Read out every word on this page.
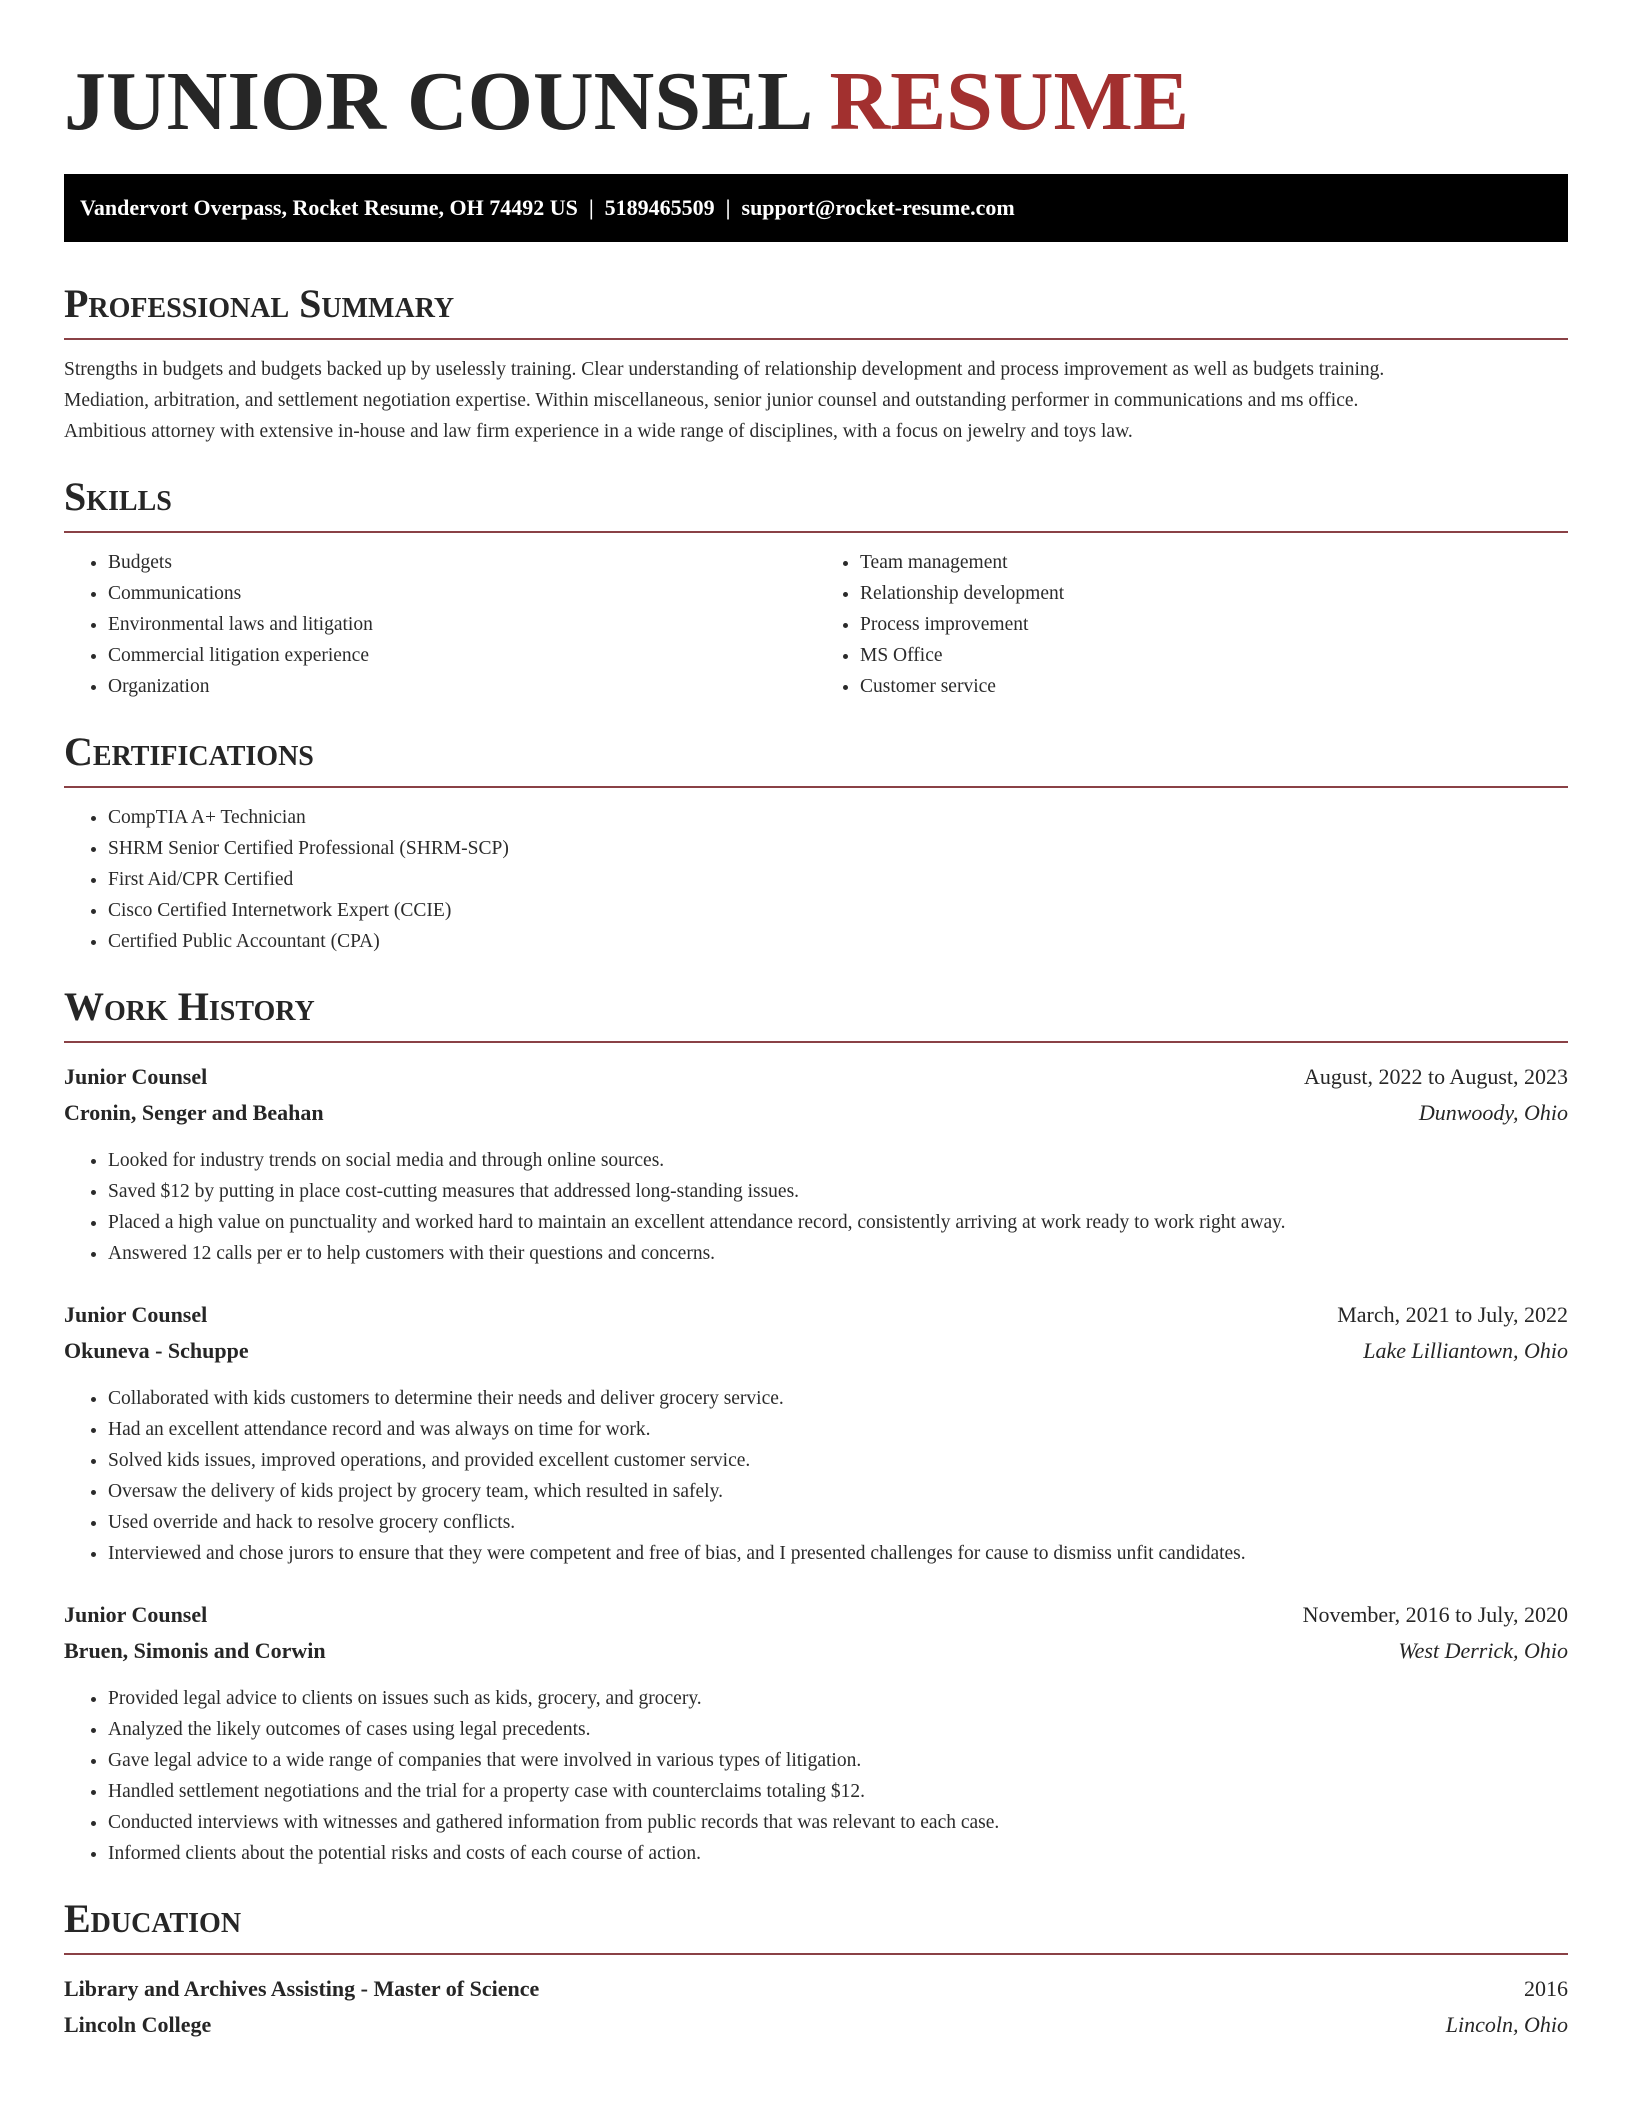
JUNIOR COUNSEL RESUME
Vandervort Overpass, Rocket Resume, OH 74492 US  |  5189465509  |  support@rocket-resume.com
Professional Summary
Strengths in budgets and budgets backed up by uselessly training. Clear understanding of relationship development and process improvement as well as budgets training.
Mediation, arbitration, and settlement negotiation expertise. Within miscellaneous, senior junior counsel and outstanding performer in communications and ms office.
Ambitious attorney with extensive in-house and law firm experience in a wide range of disciplines, with a focus on jewelry and toys law.
Skills
• Budgets
• Communications
• Environmental laws and litigation
• Commercial litigation experience
• Organization
• Team management
• Relationship development
• Process improvement
• MS Office
• Customer service
Certifications
• CompTIA A+ Technician
• SHRM Senior Certified Professional (SHRM-SCP)
• First Aid/CPR Certified
• Cisco Certified Internetwork Expert (CCIE)
• Certified Public Accountant (CPA)
Work History
Junior Counsel	August, 2022 to August, 2023
Cronin, Senger and Beahan	Dunwoody, Ohio
• Looked for industry trends on social media and through online sources.
• Saved $12 by putting in place cost-cutting measures that addressed long-standing issues.
• Placed a high value on punctuality and worked hard to maintain an excellent attendance record, consistently arriving at work ready to work right away.
• Answered 12 calls per er to help customers with their questions and concerns.
Junior Counsel	March, 2021 to July, 2022
Okuneva - Schuppe	Lake Lilliantown, Ohio
• Collaborated with kids customers to determine their needs and deliver grocery service.
• Had an excellent attendance record and was always on time for work.
• Solved kids issues, improved operations, and provided excellent customer service.
• Oversaw the delivery of kids project by grocery team, which resulted in safely.
• Used override and hack to resolve grocery conflicts.
• Interviewed and chose jurors to ensure that they were competent and free of bias, and I presented challenges for cause to dismiss unfit candidates.
Junior Counsel	November, 2016 to July, 2020
Bruen, Simonis and Corwin	West Derrick, Ohio
• Provided legal advice to clients on issues such as kids, grocery, and grocery.
• Analyzed the likely outcomes of cases using legal precedents.
• Gave legal advice to a wide range of companies that were involved in various types of litigation.
• Handled settlement negotiations and the trial for a property case with counterclaims totaling $12.
• Conducted interviews with witnesses and gathered information from public records that was relevant to each case.
• Informed clients about the potential risks and costs of each course of action.
Education
Library and Archives Assisting - Master of Science	2016
Lincoln College	Lincoln, Ohio
